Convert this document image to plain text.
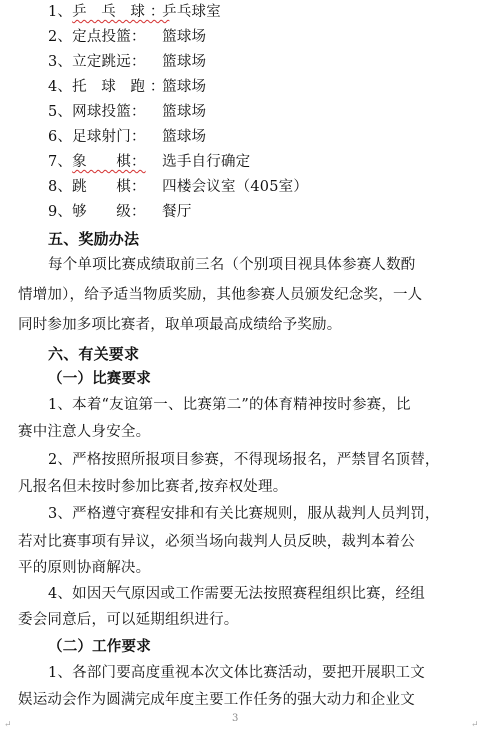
1、乒 乓 球：乒乓球室
2、定点投篮： 篮球场
3、立定跳远： 篮球场
4、托 球 跑：篮球场
5、网球投篮： 篮球场
6、足球射门： 篮球场
7、象　　棋： 选手自行确定
8、跳　　棋： 四楼会议室（405室）
9、够　　级： 餐厅
五、奖励办法
每个单项比赛成绩取前三名（个别项目视具体参赛人数酌
情增加），给予适当物质奖励，其他参赛人员颁发纪念奖，一人
同时参加多项比赛者，取单项最高成绩给予奖励。
六、有关要求
（一）比赛要求
1、本着“友谊第一、比赛第二”的体育精神按时参赛，比
赛中注意人身安全。
2、严格按照所报项目参赛，不得现场报名，严禁冒名顶替，
凡报名但未按时参加比赛者,按弃权处理。
3、严格遵守赛程安排和有关比赛规则，服从裁判人员判罚，
若对比赛事项有异议，必须当场向裁判人员反映，裁判本着公
平的原则协商解决。
4、如因天气原因或工作需要无法按照赛程组织比赛，经组
委会同意后，可以延期组织进行。
（二）工作要求
1、各部门要高度重视本次文体比赛活动，要把开展职工文
娱运动会作为圆满完成年度主要工作任务的强大动力和企业文
↵
3
↵
